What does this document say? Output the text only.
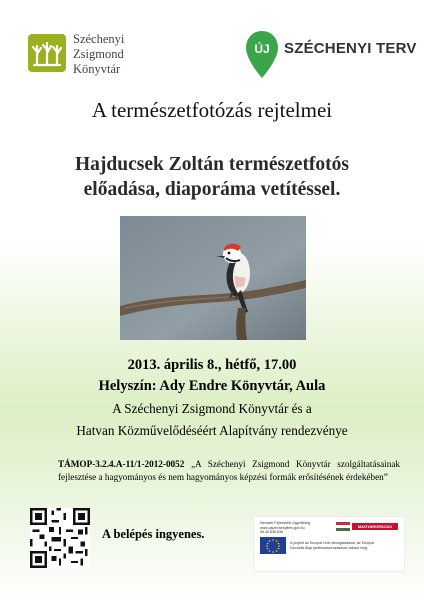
Széchenyi
Zsigmond
Könyvtár
ÚJ SZÉCHENYI TERV
A természetfotózás rejtelmei
Hajducsek Zoltán természetfotós
előadása, diaporáma vetítéssel.
2013. április 8., hétfő, 17.00
Helyszín: Ady Endre Könyvtár, Aula
A Széchenyi Zsigmond Könyvtár és a
Hatvan Közművelődéséért Alapítvány rendezvénye
TÁMOP-3.2.4.A-11/1-2012-0052 „A Széchenyi Zsigmond Könyvtár szolgáltatásainak fejlesztése a hagyományos és nem hagyományos képzési formák erősítésének érdekében”
A belépés ingyenes.
Nemzeti Fejlesztési Ügynökség
www.ujszechenyiterv.gov.hu
06 40 638 638
MAGYARORSZÁG MEGÚJUL
A projekt az Európai Unió támogatásával, az Európai
Szociális Alap társfinanszírozásával valósul meg.
